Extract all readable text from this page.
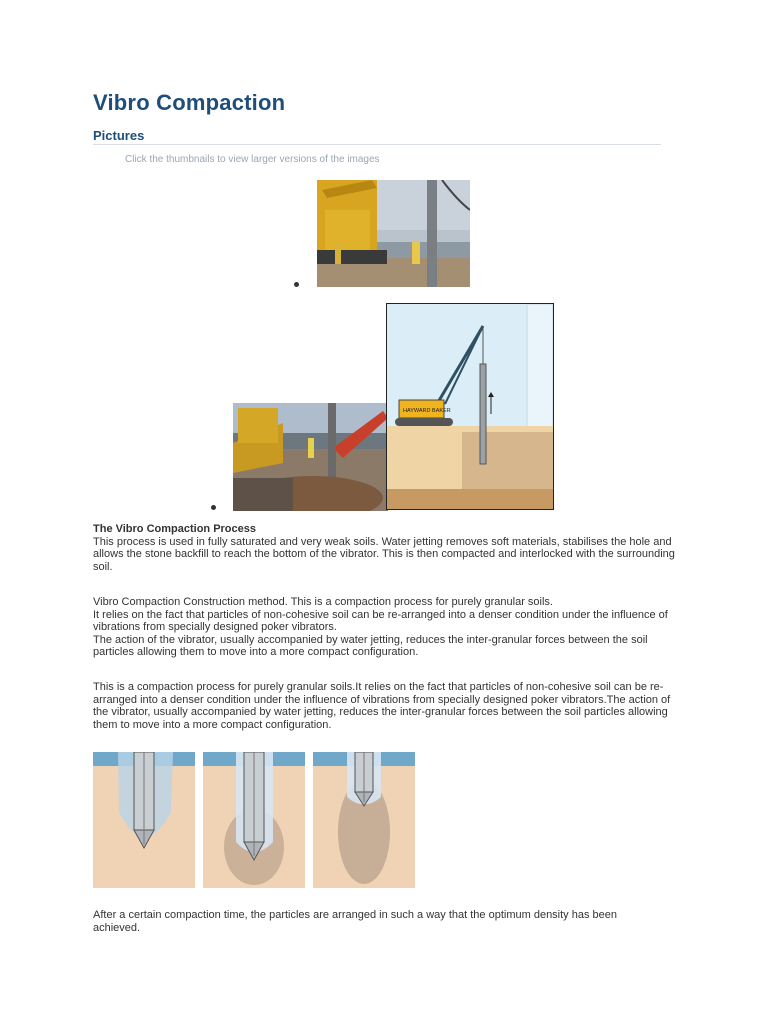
Vibro Compaction
Pictures
Click the thumbnails to view larger versions of the images
HAYWARD BAKER

The Vibro Compaction Process

This process is used in fully saturated and very weak soils. Water jetting removes soft materials, stabilises the hole and allows the stone backfill to reach the bottom of the vibrator. This is then compacted and interlocked with the surrounding soil.

Vibro Compaction Construction method. This is a compaction process for purely granular soils.

It relies on the fact that particles of non-cohesive soil can be re-arranged into a denser condition under the influence of vibrations from specially designed poker vibrators.

The action of the vibrator, usually accompanied by water jetting, reduces the inter-granular forces between the soil particles allowing them to move into a more compact configuration.

This is a compaction process for purely granular soils.It relies on the fact that particles of non-cohesive soil can be re-arranged into a denser condition under the influence of vibrations from specially designed poker vibrators.The action of the vibrator, usually accompanied by water jetting, reduces the inter-granular forces between the soil particles allowing them to move into a more compact configuration.
After a certain compaction time, the particles are arranged in such a way that the optimum density has been achieved.
